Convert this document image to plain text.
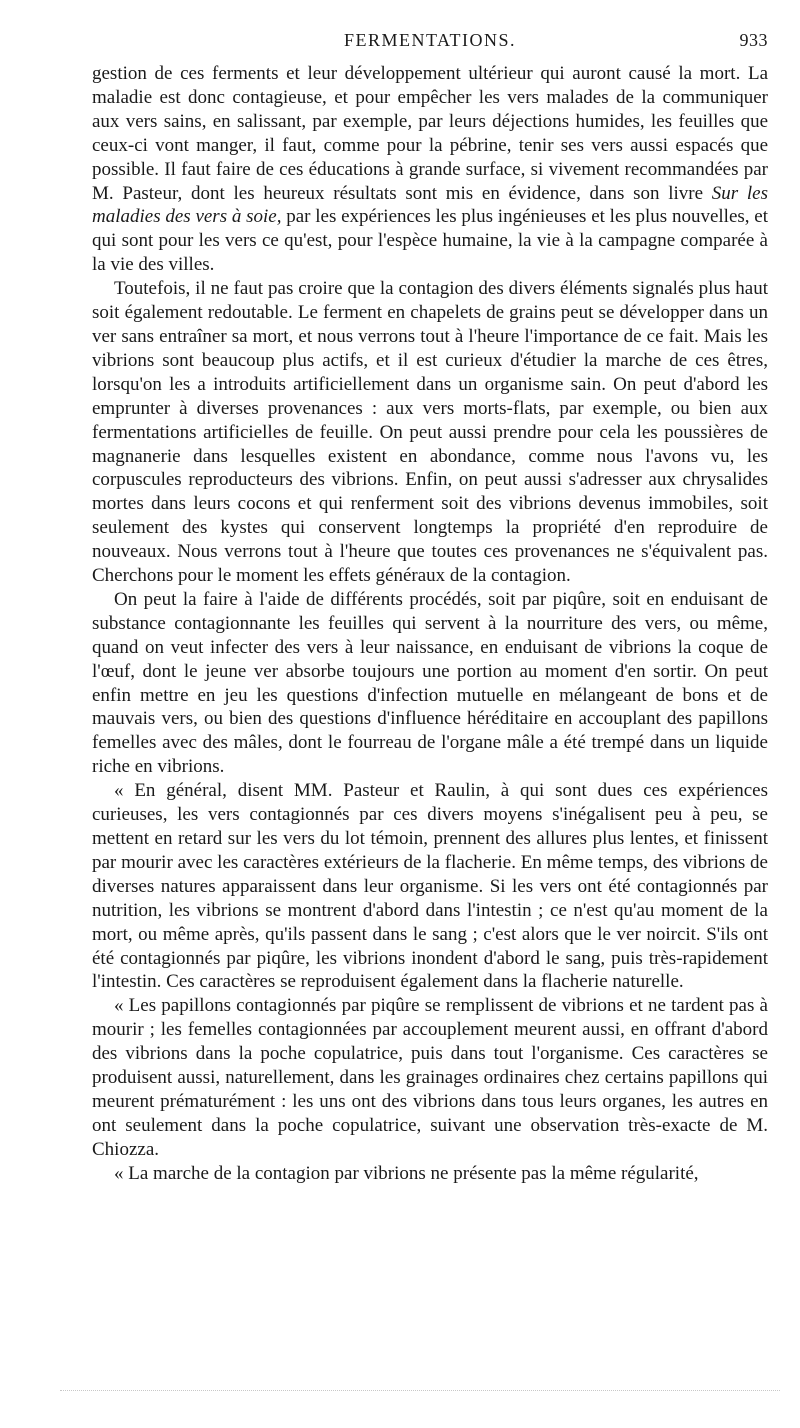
FERMENTATIONS.	933

gestion de ces ferments et leur développement ultérieur qui auront causé la mort. La maladie est donc contagieuse, et pour empêcher les vers malades de la communiquer aux vers sains, en salissant, par exemple, par leurs déjections humides, les feuilles que ceux-ci vont manger, il faut, comme pour la pébrine, tenir ses vers aussi espacés que possible. Il faut faire de ces éducations à grande surface, si vivement recommandées par M. Pasteur, dont les heureux résultats sont mis en évidence, dans son livre Sur les maladies des vers à soie, par les expériences les plus ingénieuses et les plus nouvelles, et qui sont pour les vers ce qu'est, pour l'espèce humaine, la vie à la campagne comparée à la vie des villes.

Toutefois, il ne faut pas croire que la contagion des divers éléments signalés plus haut soit également redoutable. Le ferment en chapelets de grains peut se développer dans un ver sans entraîner sa mort, et nous verrons tout à l'heure l'importance de ce fait. Mais les vibrions sont beaucoup plus actifs, et il est curieux d'étudier la marche de ces êtres, lorsqu'on les a introduits artificiellement dans un organisme sain. On peut d'abord les emprunter à diverses provenances : aux vers morts-flats, par exemple, ou bien aux fermentations artificielles de feuille. On peut aussi prendre pour cela les poussières de magnanerie dans lesquelles existent en abondance, comme nous l'avons vu, les corpuscules reproducteurs des vibrions. Enfin, on peut aussi s'adresser aux chrysalides mortes dans leurs cocons et qui renferment soit des vibrions devenus immobiles, soit seulement des kystes qui conservent longtemps la propriété d'en reproduire de nouveaux. Nous verrons tout à l'heure que toutes ces provenances ne s'équivalent pas. Cherchons pour le moment les effets généraux de la contagion.

On peut la faire à l'aide de différents procédés, soit par piqûre, soit en enduisant de substance contagionnante les feuilles qui servent à la nourriture des vers, ou même, quand on veut infecter des vers à leur naissance, en enduisant de vibrions la coque de l'œuf, dont le jeune ver absorbe toujours une portion au moment d'en sortir. On peut enfin mettre en jeu les questions d'infection mutuelle en mélangeant de bons et de mauvais vers, ou bien des questions d'influence héréditaire en accouplant des papillons femelles avec des mâles, dont le fourreau de l'organe mâle a été trempé dans un liquide riche en vibrions.

« En général, disent MM. Pasteur et Raulin, à qui sont dues ces expériences curieuses, les vers contagionnés par ces divers moyens s'inégalisent peu à peu, se mettent en retard sur les vers du lot témoin, prennent des allures plus lentes, et finissent par mourir avec les caractères extérieurs de la flacherie. En même temps, des vibrions de diverses natures apparaissent dans leur organisme. Si les vers ont été contagionnés par nutrition, les vibrions se montrent d'abord dans l'intestin ; ce n'est qu'au moment de la mort, ou même après, qu'ils passent dans le sang ; c'est alors que le ver noircit. S'ils ont été contagionnés par piqûre, les vibrions inondent d'abord le sang, puis très-rapidement l'intestin. Ces caractères se reproduisent également dans la flacherie naturelle.

« Les papillons contagionnés par piqûre se remplissent de vibrions et ne tardent pas à mourir ; les femelles contagionnées par accouplement meurent aussi, en offrant d'abord des vibrions dans la poche copulatrice, puis dans tout l'organisme. Ces caractères se produisent aussi, naturellement, dans les grainages ordinaires chez certains papillons qui meurent prématurément : les uns ont des vibrions dans tous leurs organes, les autres en ont seulement dans la poche copulatrice, suivant une observation très-exacte de M. Chiozza.

« La marche de la contagion par vibrions ne présente pas la même régularité,
